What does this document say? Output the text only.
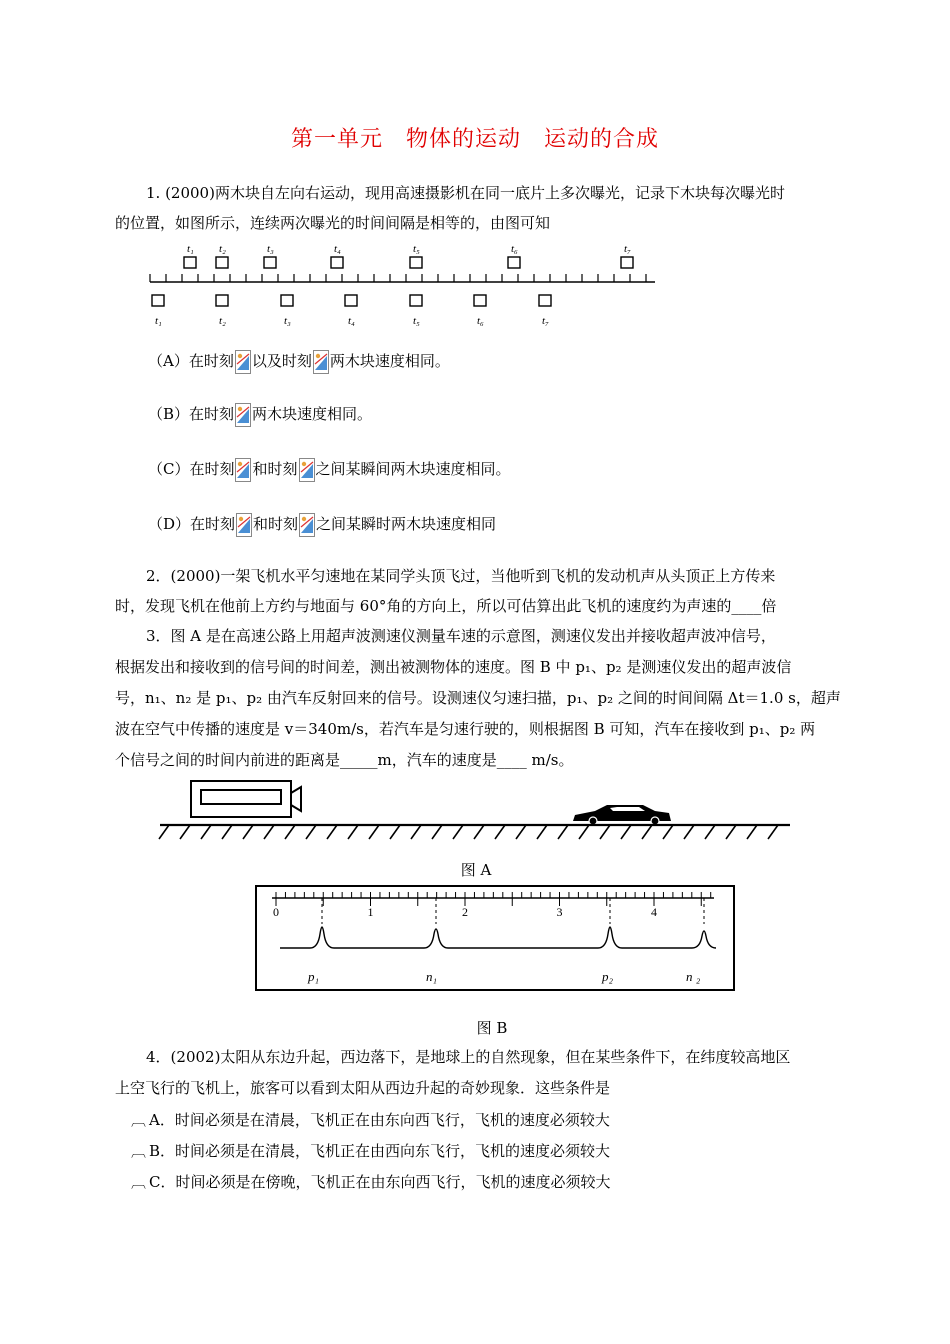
第一单元　物体的运动　运动的合成
1. (2000)两木块自左向右运动，现用高速摄影机在同一底片上多次曝光，记录下木块每次曝光时
的位置，如图所示，连续两次曝光的时间间隔是相等的，由图可知
t₁ t₂	t₃	t₄	t₅	t₆	t₇
t₁	t₂	t₃	t₄	t₅	t₆	t₇
（A）在时刻 以及时刻 两木块速度相同。
（B）在时刻 两木块速度相同。
（C）在时刻 和时刻 之间某瞬间两木块速度相同。
（D）在时刻 和时刻 之间某瞬时两木块速度相同
2．(2000)一架飞机水平匀速地在某同学头顶飞过，当他听到飞机的发动机声从头顶正上方传来
时，发现飞机在他前上方约与地面与 60°角的方向上，所以可估算出此飞机的速度约为声速的____倍
3．图 A 是在高速公路上用超声波测速仪测量车速的示意图，测速仪发出并接收超声波冲信号，
根据发出和接收到的信号间的时间差，测出被测物体的速度。图 B 中 p₁、p₂ 是测速仪发出的超声波信
号，n₁、n₂ 是 p₁、p₂ 由汽车反射回来的信号。设测速仪匀速扫描，p₁、p₂ 之间的时间间隔 Δt＝1.0 s，超声
波在空气中传播的速度是 v＝340m/s，若汽车是匀速行驶的，则根据图 B 可知，汽车在接收到 p₁、p₂ 两
个信号之间的时间内前进的距离是_____m，汽车的速度是____ m/s。
图 A
0	1	2	3	4
p₁	n₁	p₂	n ₂
图 B
4．(2002)太阳从东边升起，西边落下，是地球上的自然现象，但在某些条件下，在纬度较高地区
上空飞行的飞机上，旅客可以看到太阳从西边升起的奇妙现象．这些条件是
︹ A．时间必须是在清晨，飞机正在由东向西飞行，飞机的速度必须较大
︹ B．时间必须是在清晨，飞机正在由西向东飞行，飞机的速度必须较大
︹ C．时间必须是在傍晚，飞机正在由东向西飞行，飞机的速度必须较大
